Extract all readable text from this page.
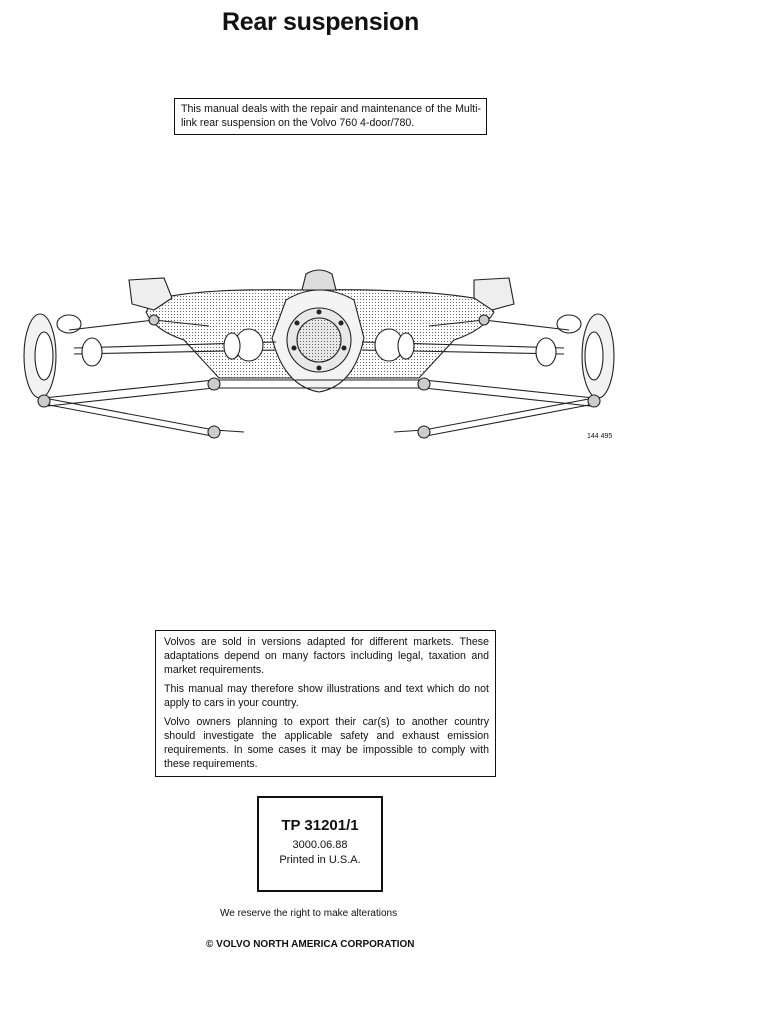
Rear suspension
This manual deals with the repair and maintenance of the Multi-link rear suspension on the Volvo 760 4-door/780.
144 495

Volvos are sold in versions adapted for different markets. These adaptations depend on many factors including legal, taxation and market requirements.

This manual may therefore show illustrations and text which do not apply to cars in your country.

Volvo owners planning to export their car(s) to another country should investigate the applicable safety and exhaust emission requirements. In some cases it may be impossible to comply with these requirements.

TP 31201/1
3000.06.88
Printed in U.S.A.
We reserve the right to make alterations
© VOLVO NORTH AMERICA CORPORATION
